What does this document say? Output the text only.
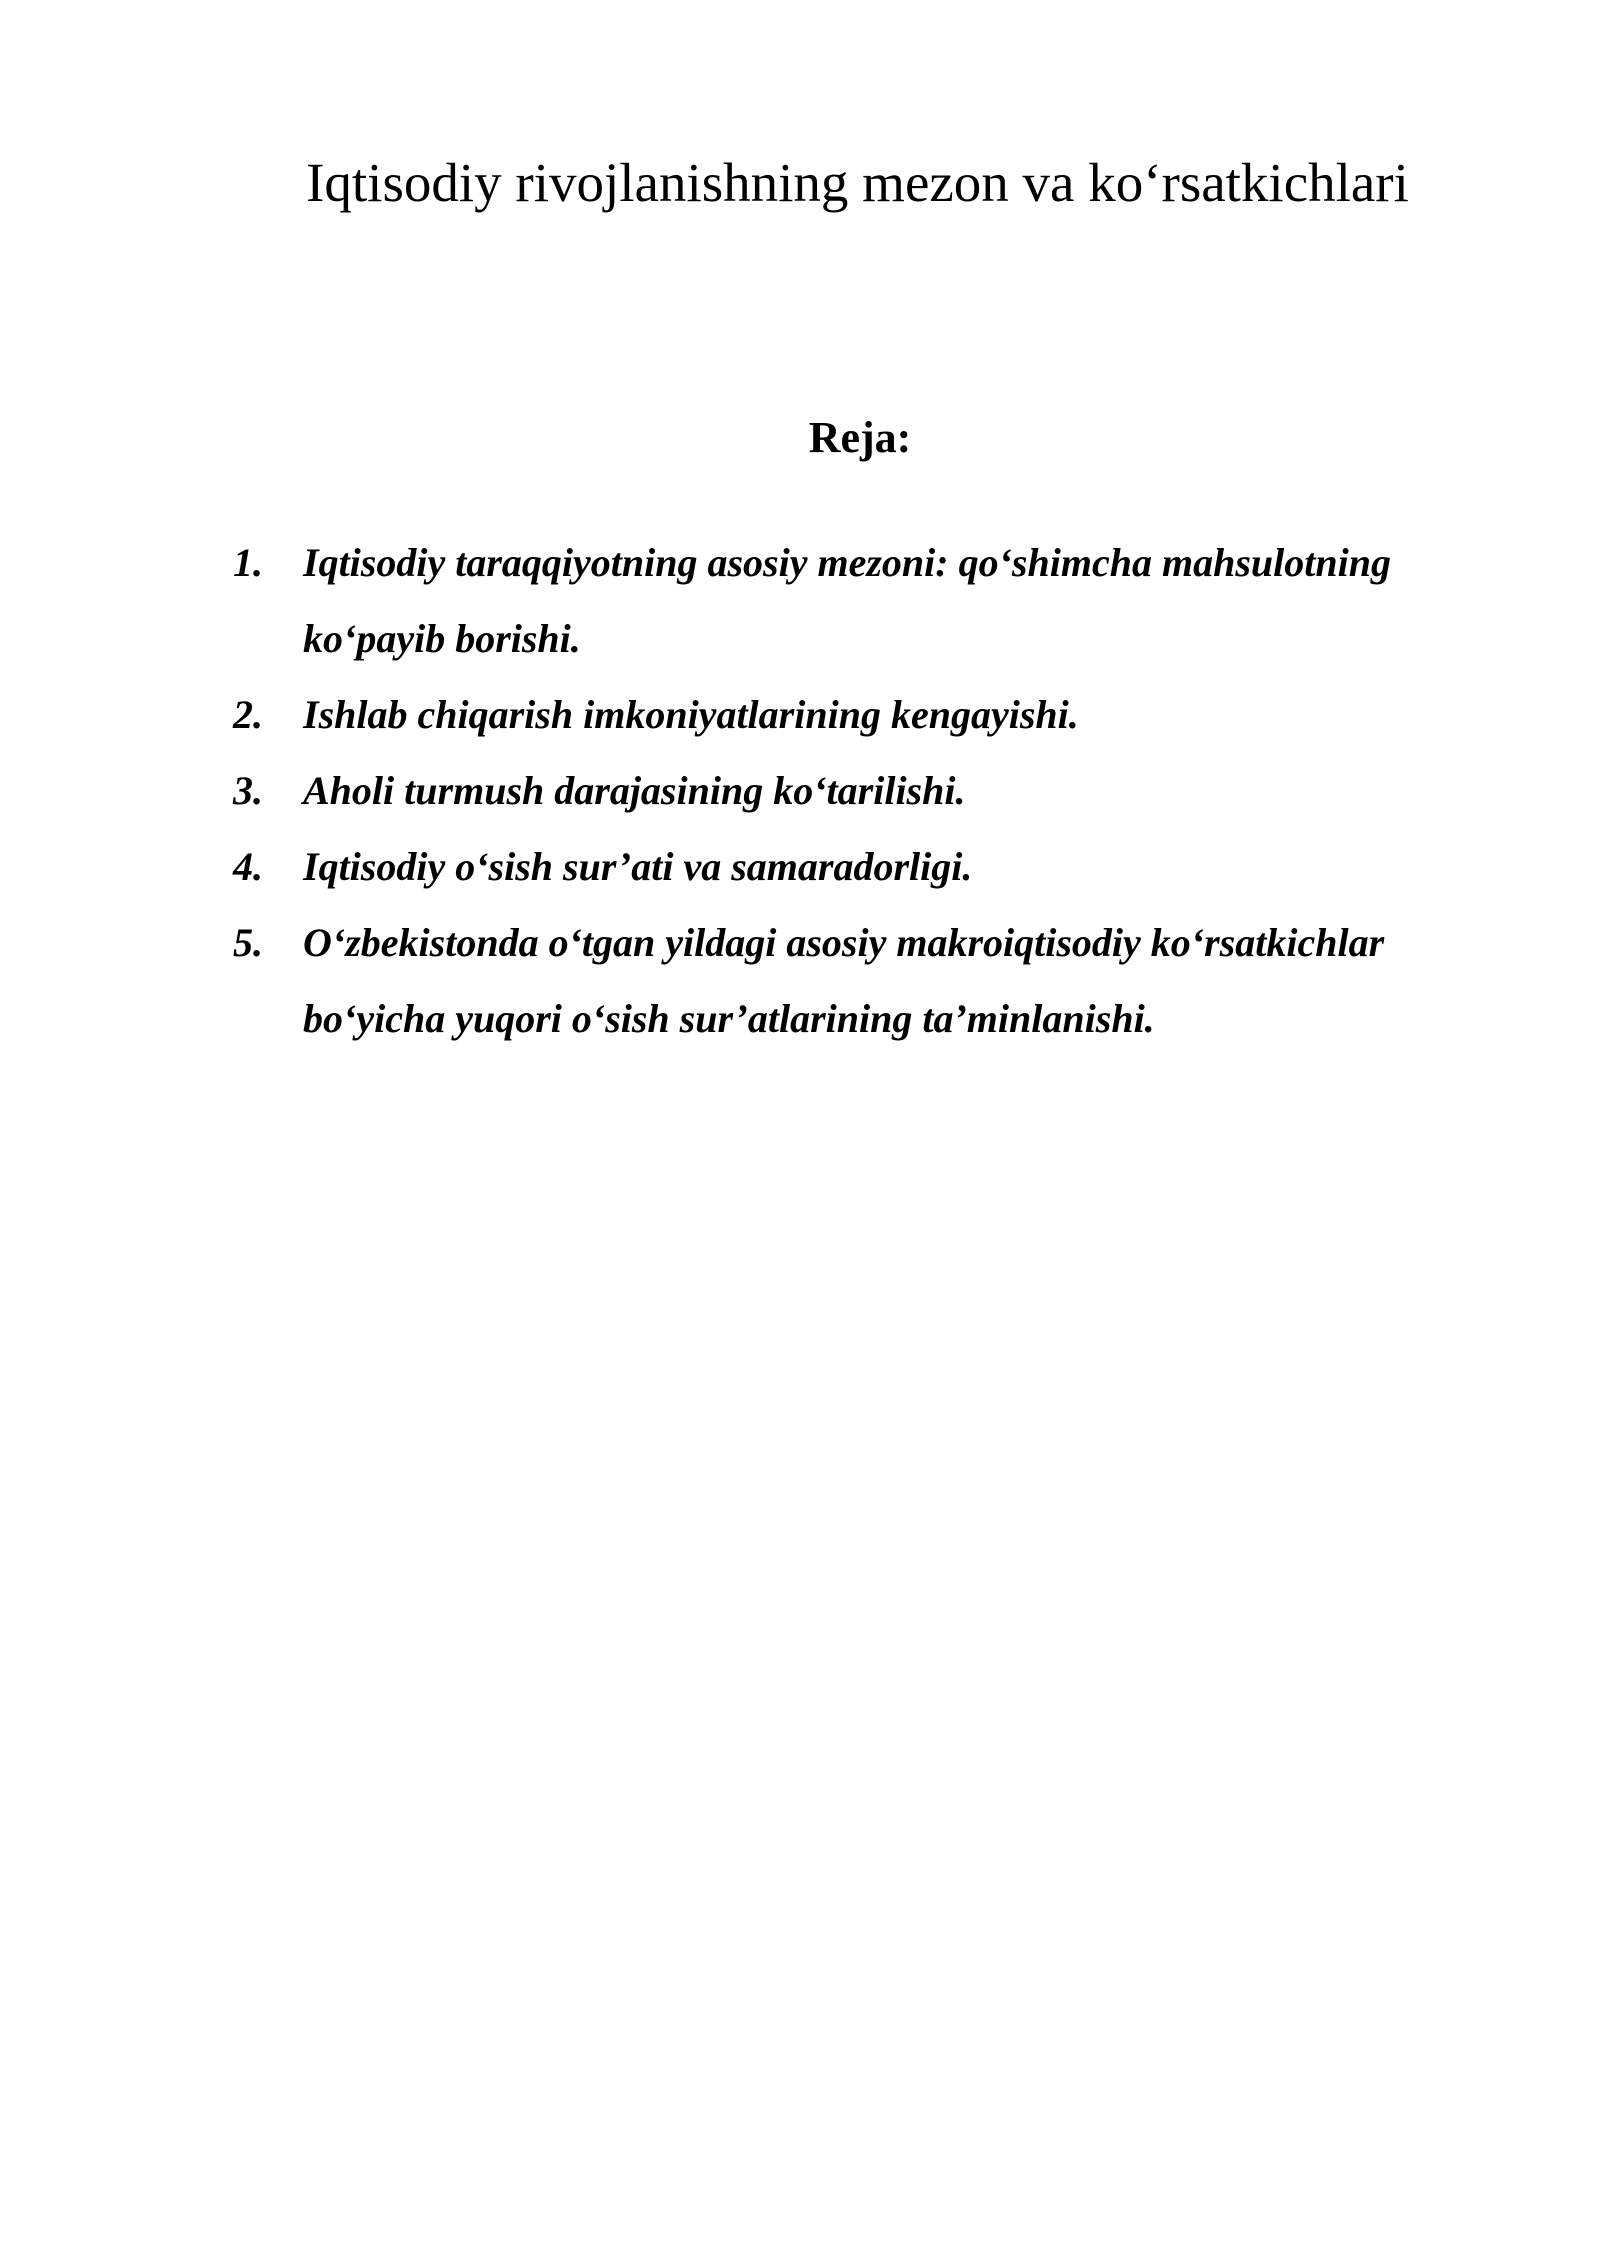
Iqtisodiy rivojlanishning mezon va ko‘rsatkichlari
Reja:
1.	Iqtisodiy taraqqiyotning asosiy mezoni: qo‘shimcha mahsulotning ko‘payib borishi.
2.	Ishlab chiqarish imkoniyatlarining kengayishi.
3.	Aholi turmush darajasining ko‘tarilishi.
4.	Iqtisodiy o‘sish sur’ati va samaradorligi.
5.	O‘zbekistonda o‘tgan yildagi asosiy makroiqtisodiy ko‘rsatkichlar bo‘yicha yuqori o‘sish sur’atlarining ta’minlanishi.
